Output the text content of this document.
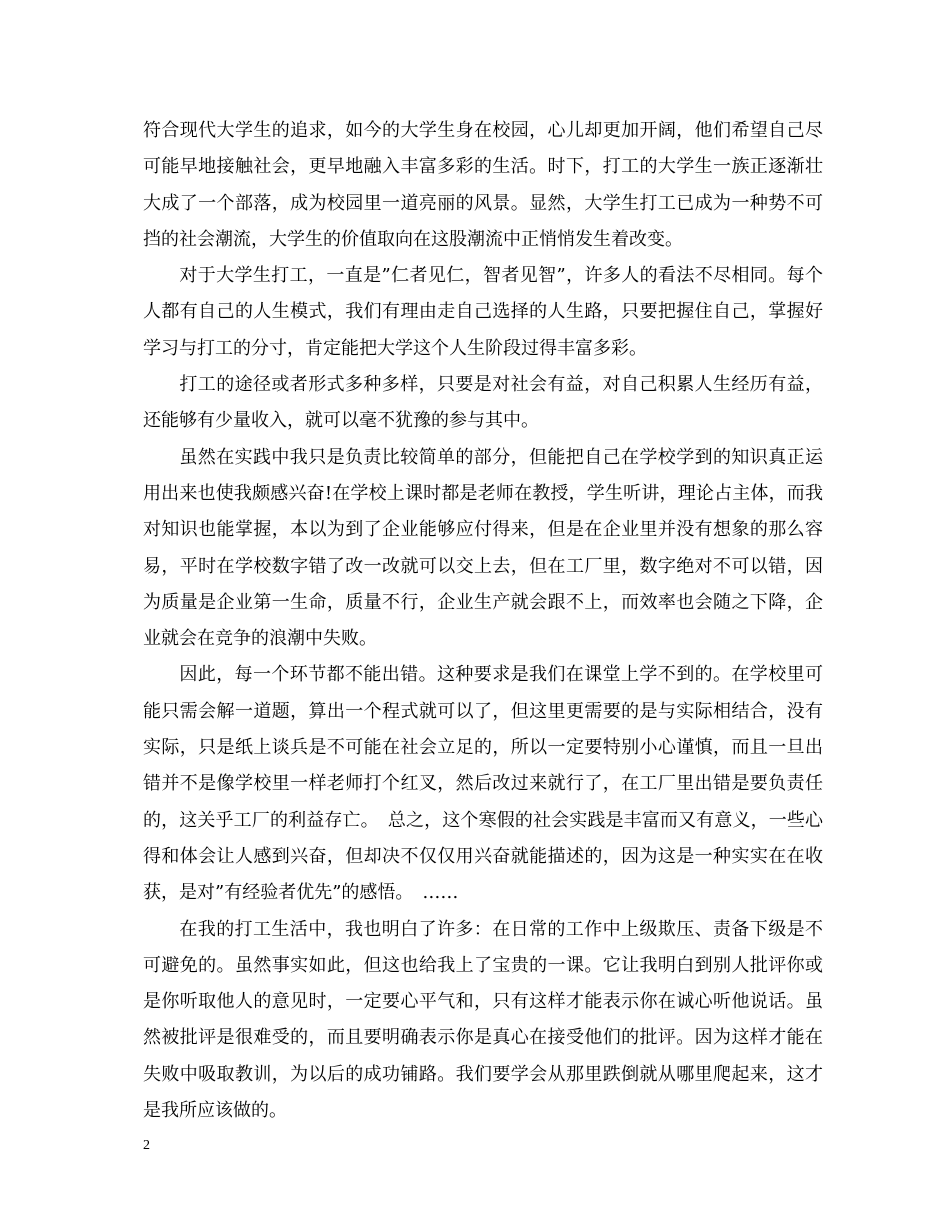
符合现代大学生的追求，如今的大学生身在校园，心儿却更加开阔，他们希望自己尽可能早地接触社会，更早地融入丰富多彩的生活。时下，打工的大学生一族正逐渐壮大成了一个部落，成为校园里一道亮丽的风景。显然，大学生打工已成为一种势不可挡的社会潮流，大学生的价值取向在这股潮流中正悄悄发生着改变。

对于大学生打工，一直是”仁者见仁，智者见智”，许多人的看法不尽相同。每个人都有自己的人生模式，我们有理由走自己选择的人生路，只要把握住自己，掌握好学习与打工的分寸，肯定能把大学这个人生阶段过得丰富多彩。

打工的途径或者形式多种多样，只要是对社会有益，对自己积累人生经历有益，还能够有少量收入，就可以毫不犹豫的参与其中。

虽然在实践中我只是负责比较简单的部分，但能把自己在学校学到的知识真正运用出来也使我颇感兴奋!在学校上课时都是老师在教授，学生听讲，理论占主体，而我对知识也能掌握，本以为到了企业能够应付得来，但是在企业里并没有想象的那么容易，平时在学校数字错了改一改就可以交上去，但在工厂里，数字绝对不可以错，因为质量是企业第一生命，质量不行，企业生产就会跟不上，而效率也会随之下降，企业就会在竞争的浪潮中失败。

因此，每一个环节都不能出错。这种要求是我们在课堂上学不到的。在学校里可能只需会解一道题，算出一个程式就可以了，但这里更需要的是与实际相结合，没有实际，只是纸上谈兵是不可能在社会立足的，所以一定要特别小心谨慎，而且一旦出错并不是像学校里一样老师打个红叉，然后改过来就行了，在工厂里出错是要负责任的，这关乎工厂的利益存亡。　总之，这个寒假的社会实践是丰富而又有意义，一些心得和体会让人感到兴奋，但却决不仅仅用兴奋就能描述的，因为这是一种实实在在收获，是对”有经验者优先”的感悟。　……

在我的打工生活中，我也明白了许多：在日常的工作中上级欺压、责备下级是不可避免的。虽然事实如此，但这也给我上了宝贵的一课。它让我明白到别人批评你或是你听取他人的意见时，一定要心平气和，只有这样才能表示你在诚心听他说话。虽然被批评是很难受的，而且要明确表示你是真心在接受他们的批评。因为这样才能在失败中吸取教训，为以后的成功铺路。我们要学会从那里跌倒就从哪里爬起来，这才是我所应该做的。

2
